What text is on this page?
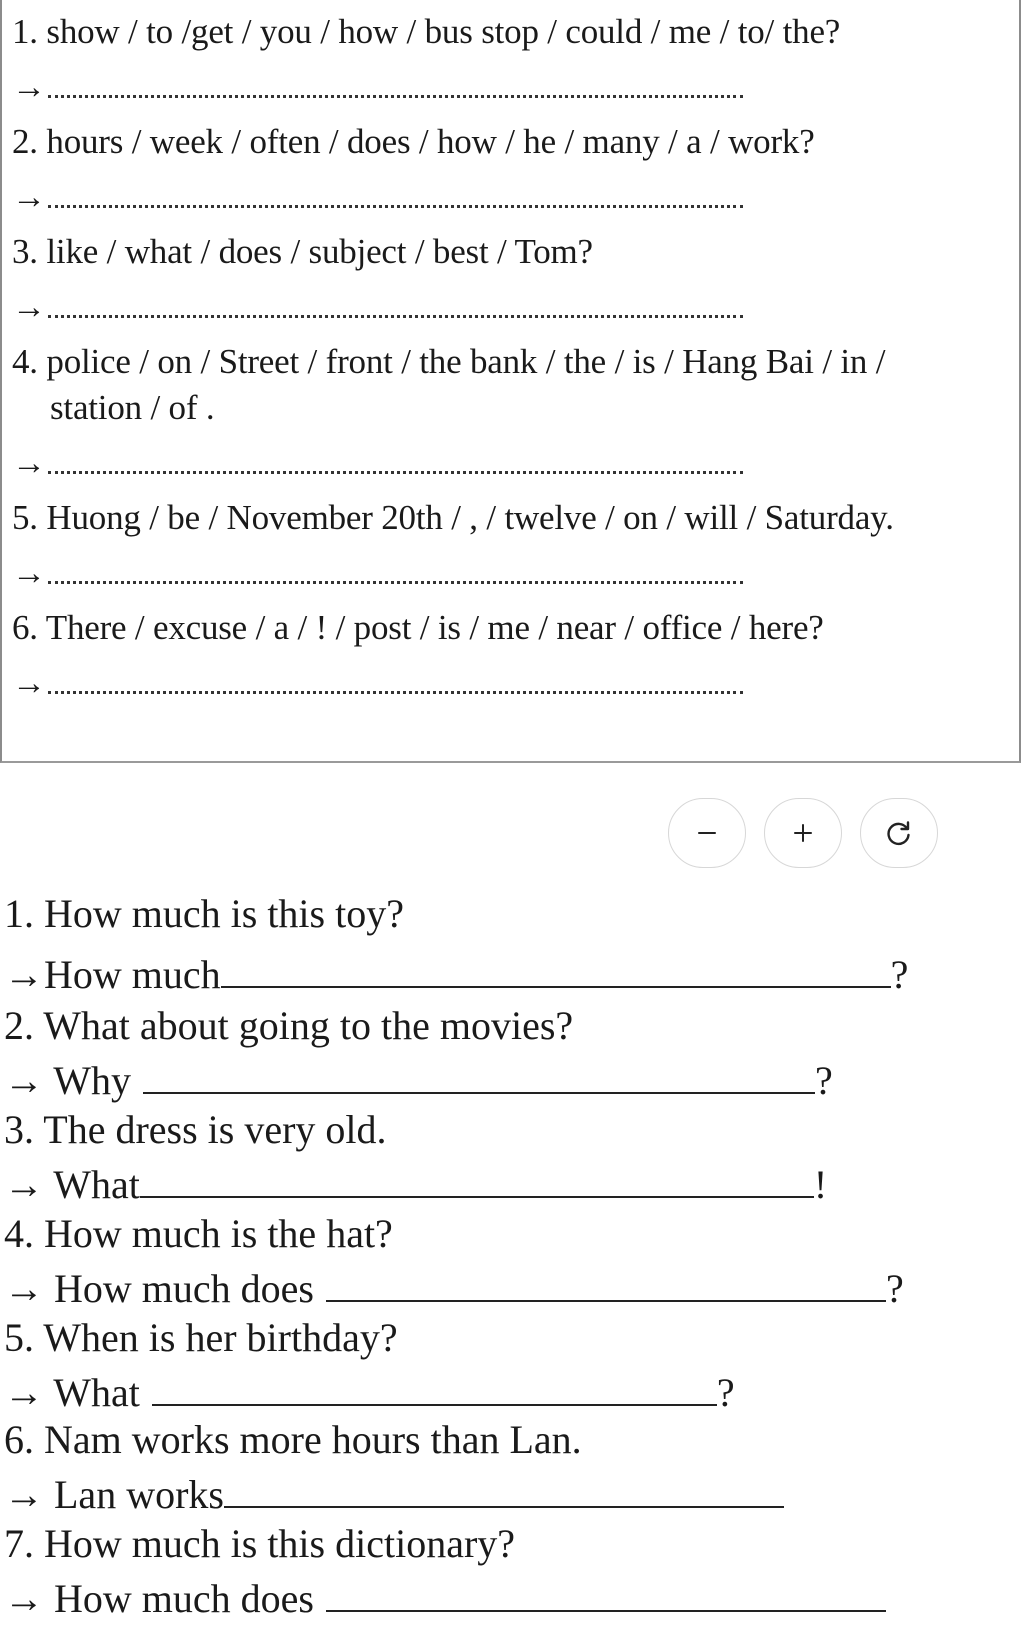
1. show / to /get / you / how / bus stop / could / me / to/ the?
→
2. hours / week / often / does / how / he / many / a / work?
→
3. like / what / does / subject / best / Tom?
→
4. police / on / Street / front / the bank / the / is / Hang Bai / in /
station / of .
→
5. Huong / be / November 20th / , / twelve / on / will / Saturday.
→
6. There / excuse / a / ! / post / is / me / near / office / here?
→
1. How much is this toy?
→How much	?
2. What about going to the movies?
→ Why	?
3. The dress is very old.
→ What	!
4. How much is the hat?
→ How much does	?
5. When is her birthday?
→ What	?
6. Nam works more hours than Lan.
→ Lan works
7. How much is this dictionary?
→ How much does
